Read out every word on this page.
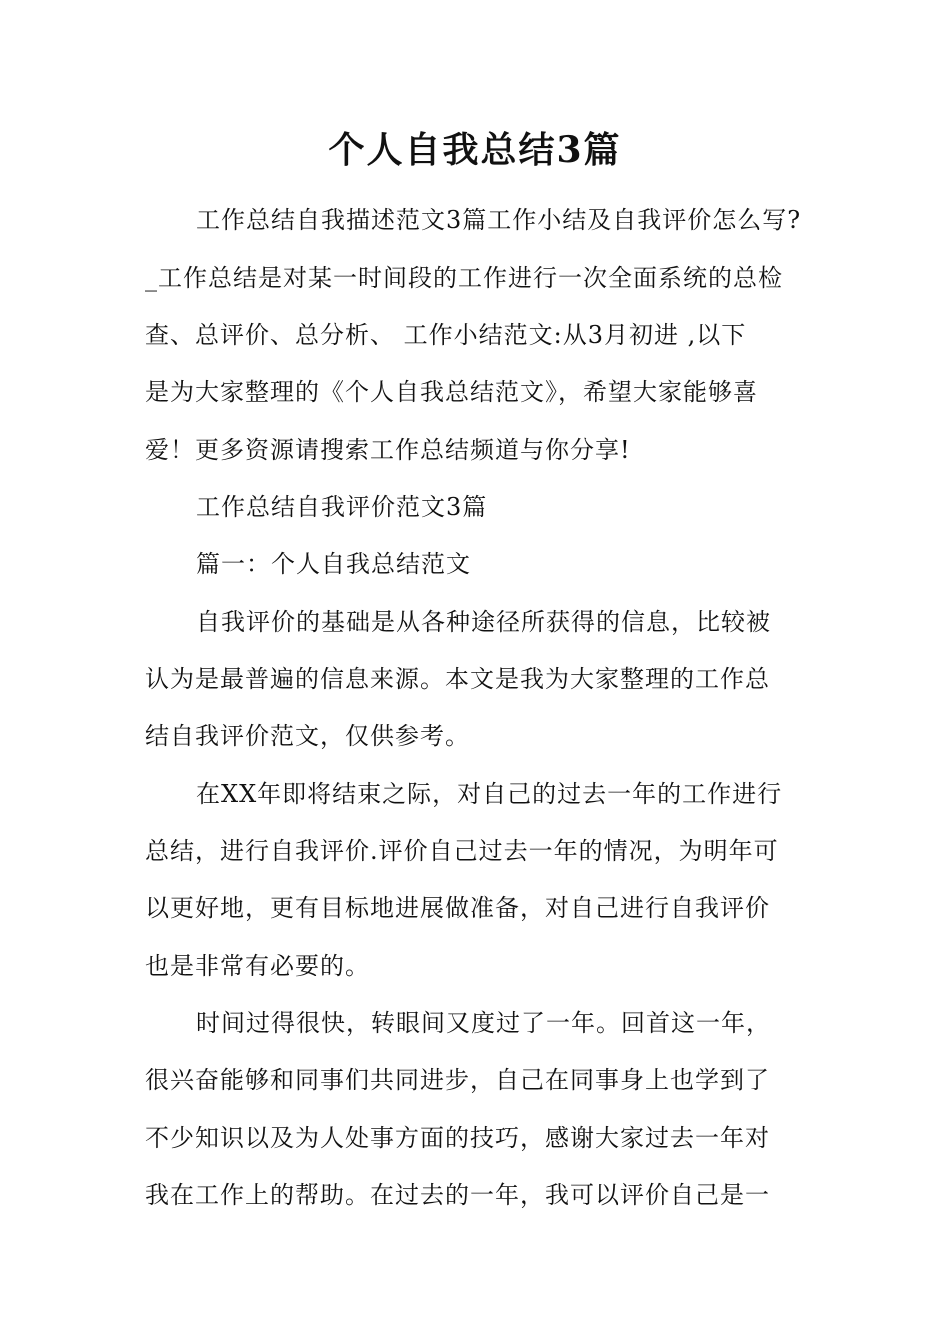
个人自我总结3篇
工作总结自我描述范文3篇工作小结及自我评价怎么写?
_工作总结是对某一时间段的工作进行一次全面系统的总检
查、总评价、总分析、 工作小结范文:从3月初进 ,以下
是为大家整理的《个人自我总结范文》，希望大家能够喜
爱！更多资源请搜索工作总结频道与你分享!
工作总结自我评价范文3篇
篇一：个人自我总结范文
自我评价的基础是从各种途径所获得的信息，比较被
认为是最普遍的信息来源。本文是我为大家整理的工作总
结自我评价范文，仅供参考。
在XX年即将结束之际，对自己的过去一年的工作进行
总结，进行自我评价.评价自己过去一年的情况，为明年可
以更好地，更有目标地进展做准备，对自己进行自我评价
也是非常有必要的。
时间过得很快，转眼间又度过了一年。回首这一年，
很兴奋能够和同事们共同进步，自己在同事身上也学到了
不少知识以及为人处事方面的技巧，感谢大家过去一年对
我在工作上的帮助。在过去的一年，我可以评价自己是一
